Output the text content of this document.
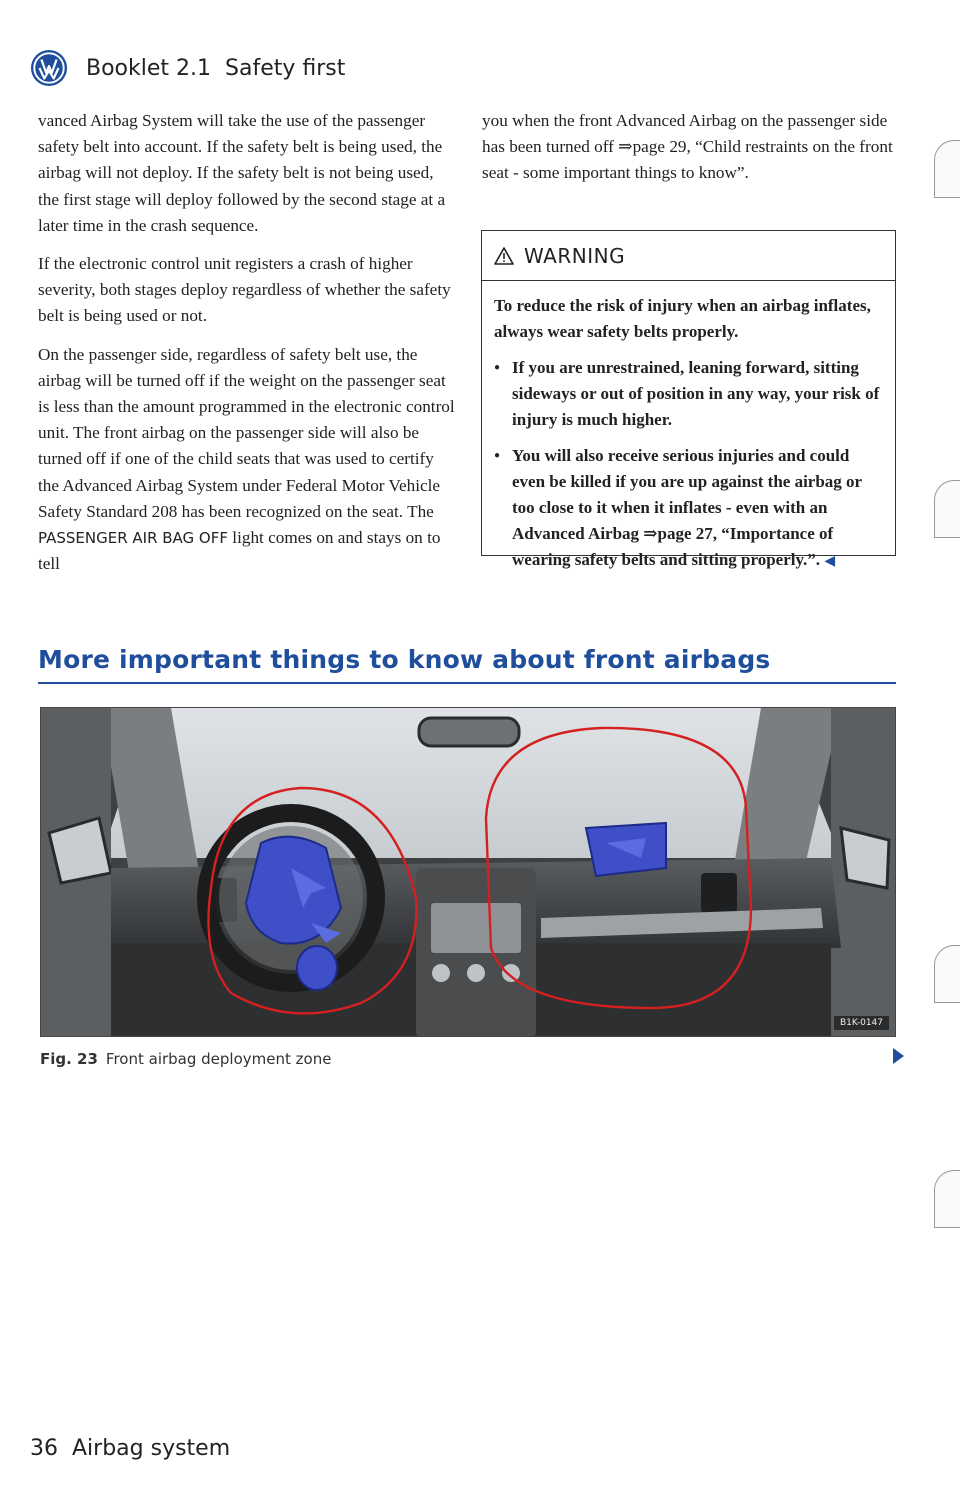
Booklet 2.1 Safety first

vanced Airbag System will take the use of the passenger safety belt into account. If the safety belt is being used, the airbag will not deploy. If the safety belt is not being used, the first stage will deploy followed by the second stage at a later time in the crash sequence.

If the electronic control unit registers a crash of higher severity, both stages deploy regardless of whether the safety belt is being used or not.

On the passenger side, regardless of safety belt use, the airbag will be turned off if the weight on the passenger seat is less than the amount programmed in the electronic control unit. The front airbag on the passenger side will also be turned off if one of the child seats that was used to certify the Advanced Airbag System under Federal Motor Vehicle Safety Standard 208 has been recognized on the seat. The PASSENGER AIR BAG OFF light comes on and stays on to tell

you when the front Advanced Airbag on the passenger side has been turned off ⇒page 29, “Child restraints on the front seat - some important things to know”.

WARNING

To reduce the risk of injury when an airbag inflates, always wear safety belts properly.

● If you are unrestrained, leaning forward, sitting sideways or out of position in any way, your risk of injury is much higher.

● You will also receive serious injuries and could even be killed if you are up against the airbag or too close to it when it inflates - even with an Advanced Airbag ⇒page 27, “Importance of wearing safety belts and sitting properly.”. ◀

More important things to know about front airbags
B1K-0147
Fig. 23 Front airbag deployment zone
36 Airbag system
